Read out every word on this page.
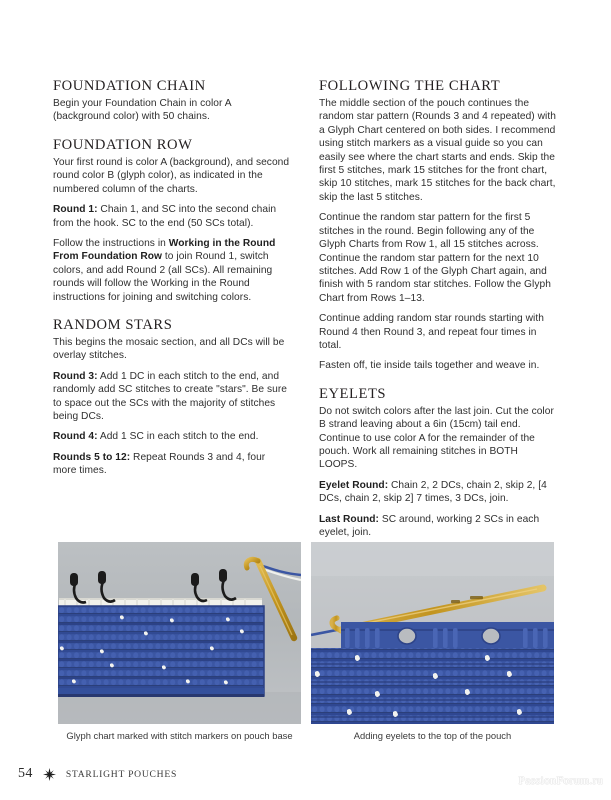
FOUNDATION CHAIN

Begin your Foundation Chain in color A (background color) with 50 chains.

FOUNDATION ROW

Your first round is color A (background), and second round color B (glyph color), as indicated in the numbered column of the charts.

Round 1: Chain 1, and SC into the second chain from the hook. SC to the end (50 SCs total).

Follow the instructions in Working in the Round From Foundation Row to join Round 1, switch colors, and add Round 2 (all SCs). All remaining rounds will follow the Working in the Round instructions for joining and switching colors.

RANDOM STARS

This begins the mosaic section, and all DCs will be overlay stitches.

Round 3: Add 1 DC in each stitch to the end, and randomly add SC stitches to create "stars". Be sure to space out the SCs with the majority of stitches being DCs.

Round 4: Add 1 SC in each stitch to the end.

Rounds 5 to 12: Repeat Rounds 3 and 4, four more times.

FOLLOWING THE CHART

The middle section of the pouch continues the random star pattern (Rounds 3 and 4 repeated) with a Glyph Chart centered on both sides. I recommend using stitch markers as a visual guide so you can easily see where the chart starts and ends. Skip the first 5 stitches, mark 15 stitches for the front chart, skip 10 stitches, mark 15 stitches for the back chart, skip the last 5 stitches.

Continue the random star pattern for the first 5 stitches in the round. Begin following any of the Glyph Charts from Row 1, all 15 stitches across. Continue the random star pattern for the next 10 stitches. Add Row 1 of the Glyph Chart again, and finish with 5 random star stitches. Follow the Glyph Chart from Rows 1–13.

Continue adding random star rounds starting with Round 4 then Round 3, and repeat four times in total.

Fasten off, tie inside tails together and weave in.

EYELETS

Do not switch colors after the last join. Cut the color B strand leaving about a 6in (15cm) tail end. Continue to use color A for the remainder of the pouch. Work all remaining stitches in BOTH LOOPS.

Eyelet Round: Chain 2, 2 DCs, chain 2, skip 2, [4 DCs, chain 2, skip 2] 7 times, 3 DCs, join.

Last Round: SC around, working 2 SCs in each eyelet, join.

Glyph chart marked with stitch markers on pouch base	Adding eyelets to the top of the pouch
54	STARLIGHT POUCHES	PassionForum.ru
